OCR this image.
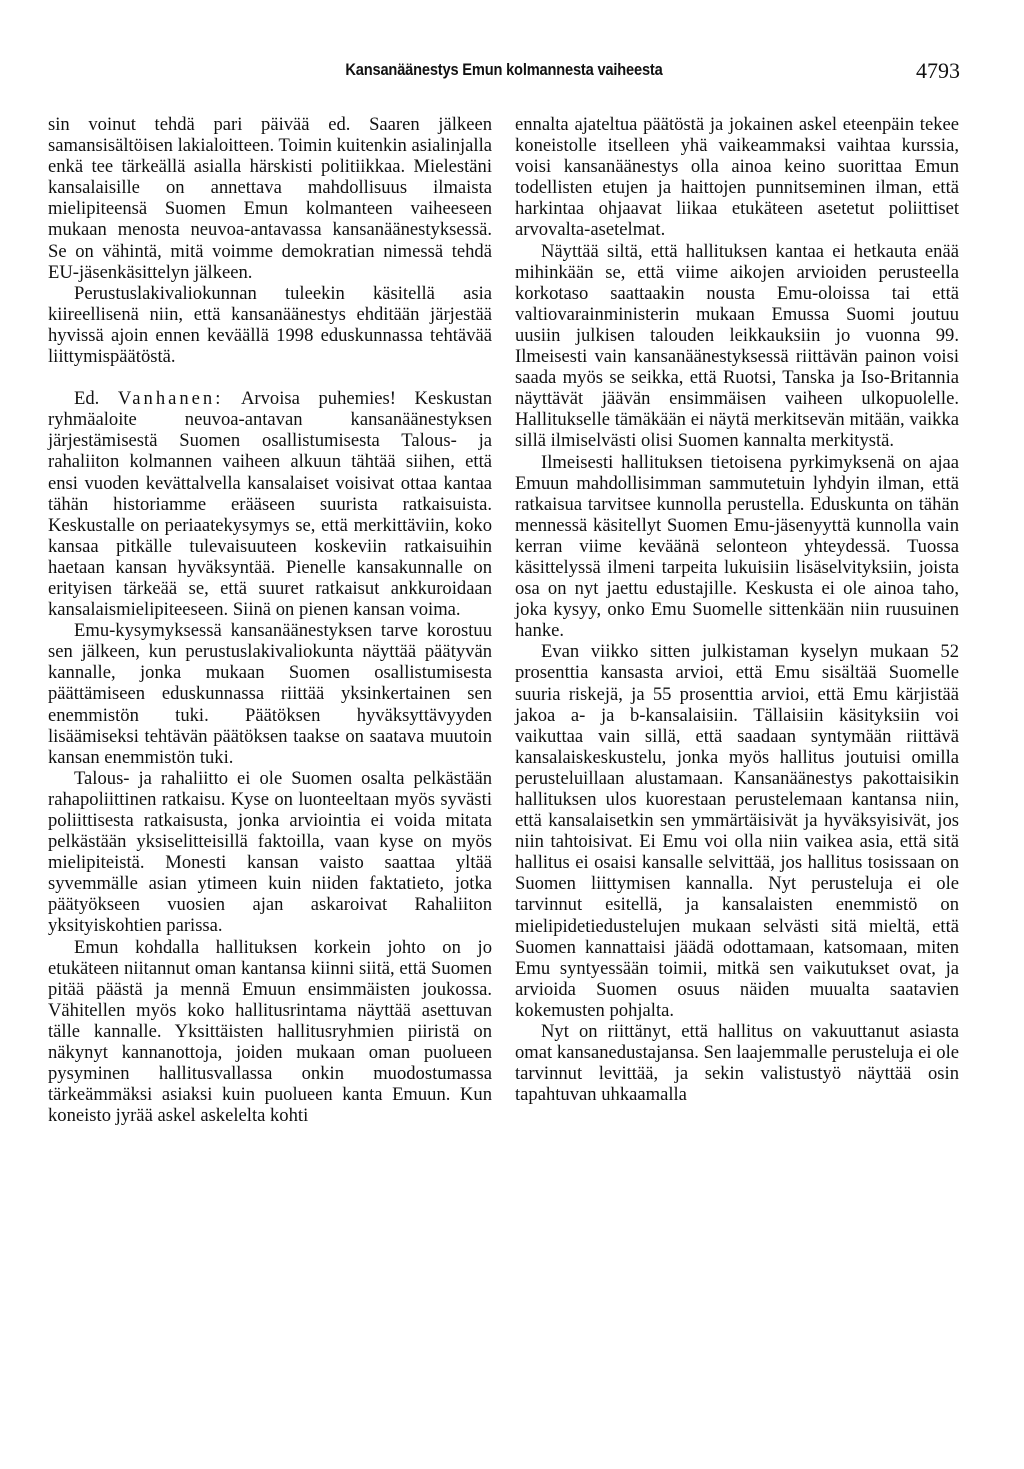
Kansanäänestys Emun kolmannesta vaiheesta	4793

sin voinut tehdä pari päivää ed. Saaren jälkeen samansisältöisen lakialoitteen. Toimin kuitenkin asialinjalla enkä tee tärkeällä asialla härskisti politiikkaa. Mielestäni kansalaisille on annettava mahdollisuus ilmaista mielipiteensä Suomen Emun kolmanteen vaiheeseen mukaan menosta neuvoa-antavassa kansanäänestyksessä. Se on vähintä, mitä voimme demokratian nimessä tehdä EU-jäsenkäsittelyn jälkeen.

Perustuslakivaliokunnan tuleekin käsitellä asia kiireellisenä niin, että kansanäänestys ehditään järjestää hyvissä ajoin ennen keväällä 1998 eduskunnassa tehtävää liittymispäätöstä.

Ed. Vanhanen: Arvoisa puhemies! Keskustan ryhmäaloite neuvoa-antavan kansanäänestyksen järjestämisestä Suomen osallistumisesta Talous- ja rahaliiton kolmannen vaiheen alkuun tähtää siihen, että ensi vuoden kevättalvella kansalaiset voisivat ottaa kantaa tähän historiamme erääseen suurista ratkaisuista. Keskustalle on periaatekysymys se, että merkittäviin, koko kansaa pitkälle tulevaisuuteen koskeviin ratkaisuihin haetaan kansan hyväksyntää. Pienelle kansakunnalle on erityisen tärkeää se, että suuret ratkaisut ankkuroidaan kansalaismielipiteeseen. Siinä on pienen kansan voima.

Emu-kysymyksessä kansanäänestyksen tarve korostuu sen jälkeen, kun perustuslakivaliokunta näyttää päätyvän kannalle, jonka mukaan Suomen osallistumisesta päättämiseen eduskunnassa riittää yksinkertainen sen enemmistön tuki. Päätöksen hyväksyttävyyden lisäämiseksi tehtävän päätöksen taakse on saatava muutoin kansan enemmistön tuki.

Talous- ja rahaliitto ei ole Suomen osalta pelkästään rahapoliittinen ratkaisu. Kyse on luonteeltaan myös syvästi poliittisesta ratkaisusta, jonka arviointia ei voida mitata pelkästään yksiselitteisillä faktoilla, vaan kyse on myös mielipiteistä. Monesti kansan vaisto saattaa yltää syvemmälle asian ytimeen kuin niiden faktatieto, jotka päätyökseen vuosien ajan askaroivat Rahaliiton yksityiskohtien parissa.

Emun kohdalla hallituksen korkein johto on jo etukäteen niitannut oman kantansa kiinni siitä, että Suomen pitää päästä ja mennä Emuun ensimmäisten joukossa. Vähitellen myös koko hallitusrintama näyttää asettuvan tälle kannalle. Yksittäisten hallitusryhmien piiristä on näkynyt kannanottoja, joiden mukaan oman puolueen pysyminen hallitusvallassa onkin muodostumassa tärkeämmäksi asiaksi kuin puolueen kanta Emuun. Kun koneisto jyrää askel askelelta kohti

ennalta ajateltua päätöstä ja jokainen askel eteenpäin tekee koneistolle itselleen yhä vaikeammaksi vaihtaa kurssia, voisi kansanäänestys olla ainoa keino suorittaa Emun todellisten etujen ja haittojen punnitseminen ilman, että harkintaa ohjaavat liikaa etukäteen asetetut poliittiset arvovalta-asetelmat.

Näyttää siltä, että hallituksen kantaa ei hetkauta enää mihinkään se, että viime aikojen arvioiden perusteella korkotaso saattaakin nousta Emu-oloissa tai että valtiovarainministerin mukaan Emussa Suomi joutuu uusiin julkisen talouden leikkauksiin jo vuonna 99. Ilmeisesti vain kansanäänestyksessä riittävän painon voisi saada myös se seikka, että Ruotsi, Tanska ja Iso-Britannia näyttävät jäävän ensimmäisen vaiheen ulkopuolelle. Hallitukselle tämäkään ei näytä merkitsevän mitään, vaikka sillä ilmiselvästi olisi Suomen kannalta merkitystä.

Ilmeisesti hallituksen tietoisena pyrkimyksenä on ajaa Emuun mahdollisimman sammutetuin lyhdyin ilman, että ratkaisua tarvitsee kunnolla perustella. Eduskunta on tähän mennessä käsitellyt Suomen Emu-jäsenyyttä kunnolla vain kerran viime keväänä selonteon yhteydessä. Tuossa käsittelyssä ilmeni tarpeita lukuisiin lisäselvityksiin, joista osa on nyt jaettu edustajille. Keskusta ei ole ainoa taho, joka kysyy, onko Emu Suomelle sittenkään niin ruusuinen hanke.

Evan viikko sitten julkistaman kyselyn mukaan 52 prosenttia kansasta arvioi, että Emu sisältää Suomelle suuria riskejä, ja 55 prosenttia arvioi, että Emu kärjistää jakoa a- ja b-kansalaisiin. Tällaisiin käsityksiin voi vaikuttaa vain sillä, että saadaan syntymään riittävä kansalaiskeskustelu, jonka myös hallitus joutuisi omilla perusteluillaan alustamaan. Kansanäänestys pakottaisikin hallituksen ulos kuorestaan perustelemaan kantansa niin, että kansalaisetkin sen ymmärtäisivät ja hyväksyisivät, jos niin tahtoisivat. Ei Emu voi olla niin vaikea asia, että sitä hallitus ei osaisi kansalle selvittää, jos hallitus tosissaan on Suomen liittymisen kannalla. Nyt perusteluja ei ole tarvinnut esitellä, ja kansalaisten enemmistö on mielipidetiedustelujen mukaan selvästi sitä mieltä, että Suomen kannattaisi jäädä odottamaan, katsomaan, miten Emu syntyessään toimii, mitkä sen vaikutukset ovat, ja arvioida Suomen osuus näiden muualta saatavien kokemusten pohjalta.

Nyt on riittänyt, että hallitus on vakuuttanut asiasta omat kansanedustajansa. Sen laajemmalle perusteluja ei ole tarvinnut levittää, ja sekin valistustyö näyttää osin tapahtuvan uhkaamalla
